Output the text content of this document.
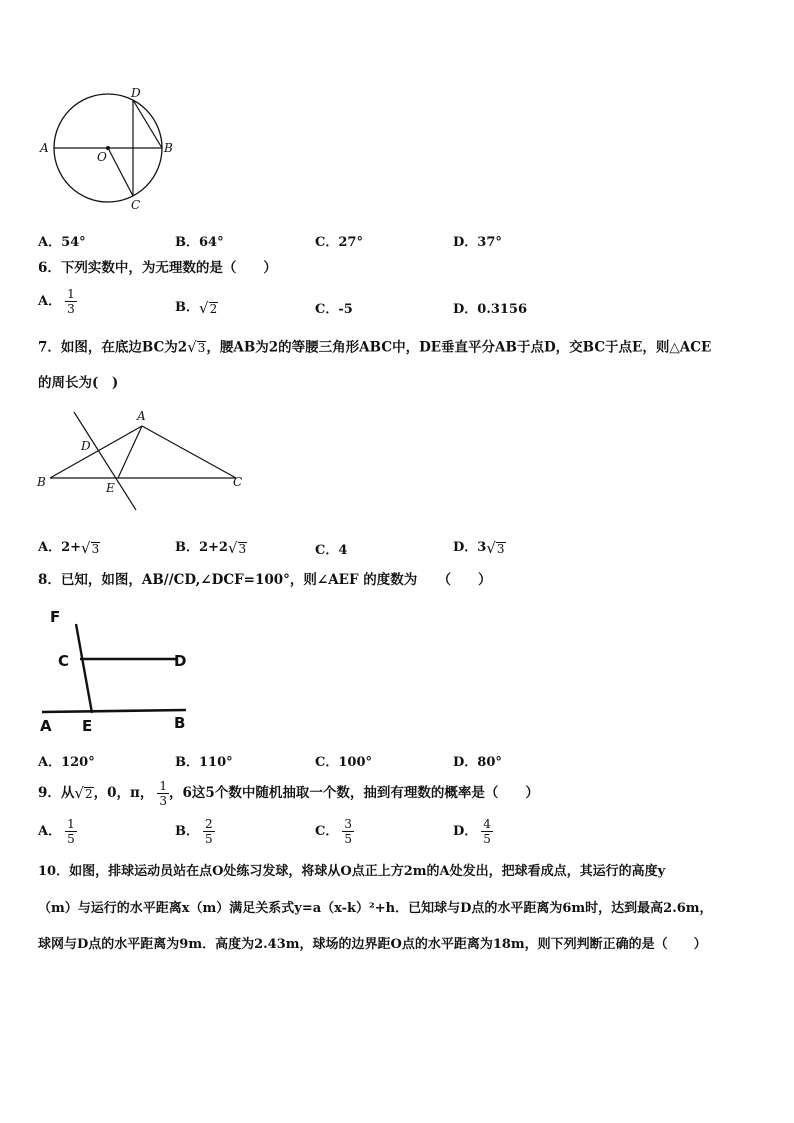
A	B
D
C
O
A．54°	B．64°	C．27°	D．37°
6．下列实数中，为无理数的是（　　）
A． $\frac{1}{3}$	B．√2	C．-5	D．0.3156
7．如图，在底边BC为2√3，腰AB为2的等腰三角形ABC中，DE垂直平分AB于点D，交BC于点E，则△ACE
的周长为(　)
A
B	C
D
E
A．2+√3	B．2+2√3	C．4	D．3√3
8．已知，如图，AB//CD,∠DCF=100°，则∠AEF 的度数为　　（　　）
F
C	D
A E	B
A．120°	B．110°	C．100°	D．80°
9．从√2，0，π， $\frac{1}{3}$ ，6这5个数中随机抽取一个数，抽到有理数的概率是（　　）
A． $\frac{1}{5}$	B． $\frac{2}{5}$	C． $\frac{3}{5}$	D． $\frac{4}{5}$
10．如图，排球运动员站在点O处练习发球，将球从O点正上方2m的A处发出，把球看成点，其运行的高度y
（m）与运行的水平距离x（m）满足关系式y=a（x-k）²+h．已知球与D点的水平距离为6m时，达到最高2.6m，
球网与D点的水平距离为9m．高度为2.43m，球场的边界距O点的水平距离为18m，则下列判断正确的是（　　）
